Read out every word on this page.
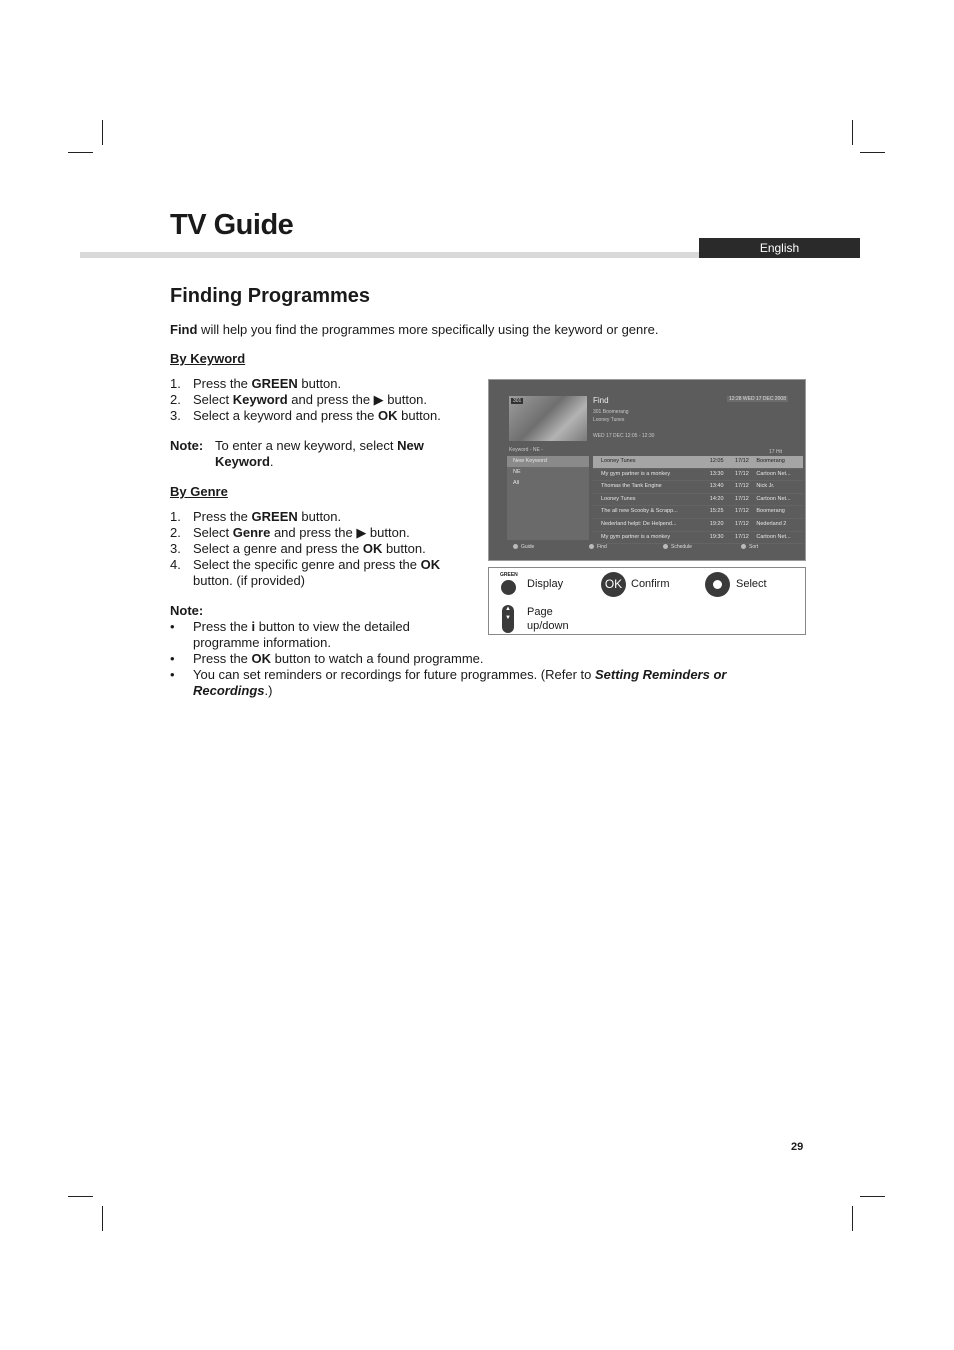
TV Guide
English
Finding Programmes
Find will help you find the programmes more specifically using the keyword or genre.
By Keyword
1. Press the GREEN button.
2. Select Keyword and press the ▶ button.
3. Select a keyword and press the OK button.
Note: To enter a new keyword, select New Keyword.
By Genre
1. Press the GREEN button.
2. Select Genre and press the ▶ button.
3. Select a genre and press the OK button.
4. Select the specific genre and press the OK button. (if provided)
Note:
• Press the i button to view the detailed programme information.
• Press the OK button to watch a found programme.
• You can set reminders or recordings for future programmes. (Refer to Setting Reminders or Recordings.)
301	Find	12:28 WED 17 DEC 2008
301 Boomerang
Looney Tunes
WED 17 DEC 12:05 - 12:30
Keyword - NE -	17 Hit
New Keyword
NE
All
Looney Tunes	12:05	17/12	Boomerang
My gym partner is a monkey	13:30	17/12	Cartoon Net...
Thomas the Tank Engine	13:40	17/12	Nick Jr.
Looney Tunes	14:20	17/12	Cartoon Net...
The all new Scooby & Scrapp...	15:25	17/12	Boomerang
Nederland helpt: De Helpend...	19:20	17/12	Nederland 2
My gym partner is a monkey	19:30	17/12	Cartoon Net...
Guide	Find	Schedule	Sort
GREEN
Display	OK Confirm	Select
▲
▼ Page
up/down
29
